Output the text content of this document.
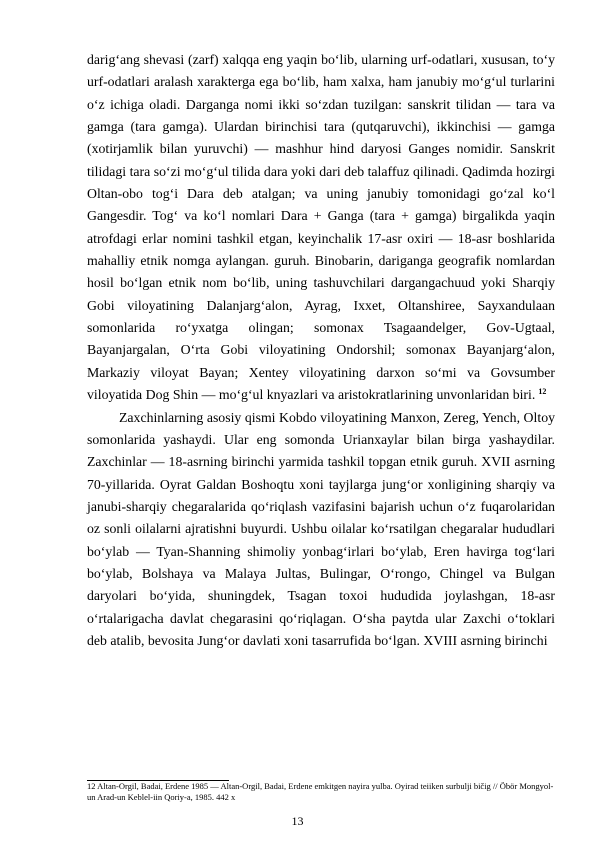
darigʻang shevasi (zarf) xalqqa eng yaqin boʻlib, ularning urf-odatlari, xususan, toʻy urf-odatlari aralash xarakterga ega boʻlib, ham xalxa, ham janubiy moʻgʻul turlarini oʻz ichiga oladi. Darganga nomi ikki soʻzdan tuzilgan: sanskrit tilidan — tara va gamga (tara gamga). Ulardan birinchisi tara (qutqaruvchi), ikkinchisi — gamga (xotirjamlik bilan yuruvchi) — mashhur hind daryosi Ganges nomidir. Sanskrit tilidagi tara soʻzi moʻg‘ul tilida dara yoki dari deb talaffuz qilinadi. Qadimda hozirgi Oltan-obo togʻi Dara deb atalgan; va uning janubiy tomonidagi goʻzal koʻl Gangesdir. Togʻ va koʻl nomlari Dara + Ganga (tara + gamga) birgalikda yaqin atrofdagi erlar nomini tashkil etgan, keyinchalik 17-asr oxiri — 18-asr boshlarida mahalliy etnik nomga aylangan. guruh. Binobarin, dariganga geografik nomlardan hosil boʻlgan etnik nom boʻlib, uning tashuvchilari dargangachuud yoki Sharqiy Gobi viloyatining Dalanjarg‘alon, Ayrag, Ixxet, Oltanshiree, Sayxandulaan somonlarida roʻyxatga olingan; somonax Tsagaandelger, Gov-Ugtaal, Bayanjargalan, Oʻrta Gobi viloyatining Ondorshil; somonax Bayanjarg‘alon, Markaziy viloyat Bayan; Xentey viloyatining darxon soʻmi va Govsumber viloyatida Dog Shin — moʻgʻul knyazlari va aristokratlarining unvonlaridan biri. $^{12}$

Zaxchinlarning asosiy qismi Kobdo viloyatining Manxon, Zereg, Yench, Oltoy somonlarida yashaydi. Ular eng somonda Urianxaylar bilan birga yashaydilar. Zaxchinlar — 18-asrning birinchi yarmida tashkil topgan etnik guruh. XVII asrning 70-yillarida. Oyrat Galdan Boshoqtu xoni tayjlarga jungʻor xonligining sharqiy va janubi-sharqiy chegaralarida qoʻriqlash vazifasini bajarish uchun oʻz fuqarolaridan oz sonli oilalarni ajratishni buyurdi. Ushbu oilalar koʻrsatilgan chegaralar hududlari boʻylab — Tyan-Shanning shimoliy yonbagʻirlari boʻylab, Eren havirga togʻlari boʻylab, Bolshaya va Malaya Jultas, Bulingar, O‘rongo, Chingel va Bulgan daryolari boʻyida, shuningdek, Tsagan toxoi hududida joylashgan, 18-asr oʻrtalarigacha davlat chegarasini qoʻriqlagan. Oʻsha paytda ular Zaxchi oʻtoklari deb atalib, bevosita Jung‘or davlati xoni tasarrufida bo‘lgan. XVIII asrning birinchi

12 Altan-Orgil, Badai, Erdene 1985 — Altan-Orgil, Badai, Erdene emkitgen nayira yulba. Oyirad teiiken surbulji bičig // Öbör Mongyol-un Arad-un Keblel-iin Qoriy-a, 1985. 442 x

13
